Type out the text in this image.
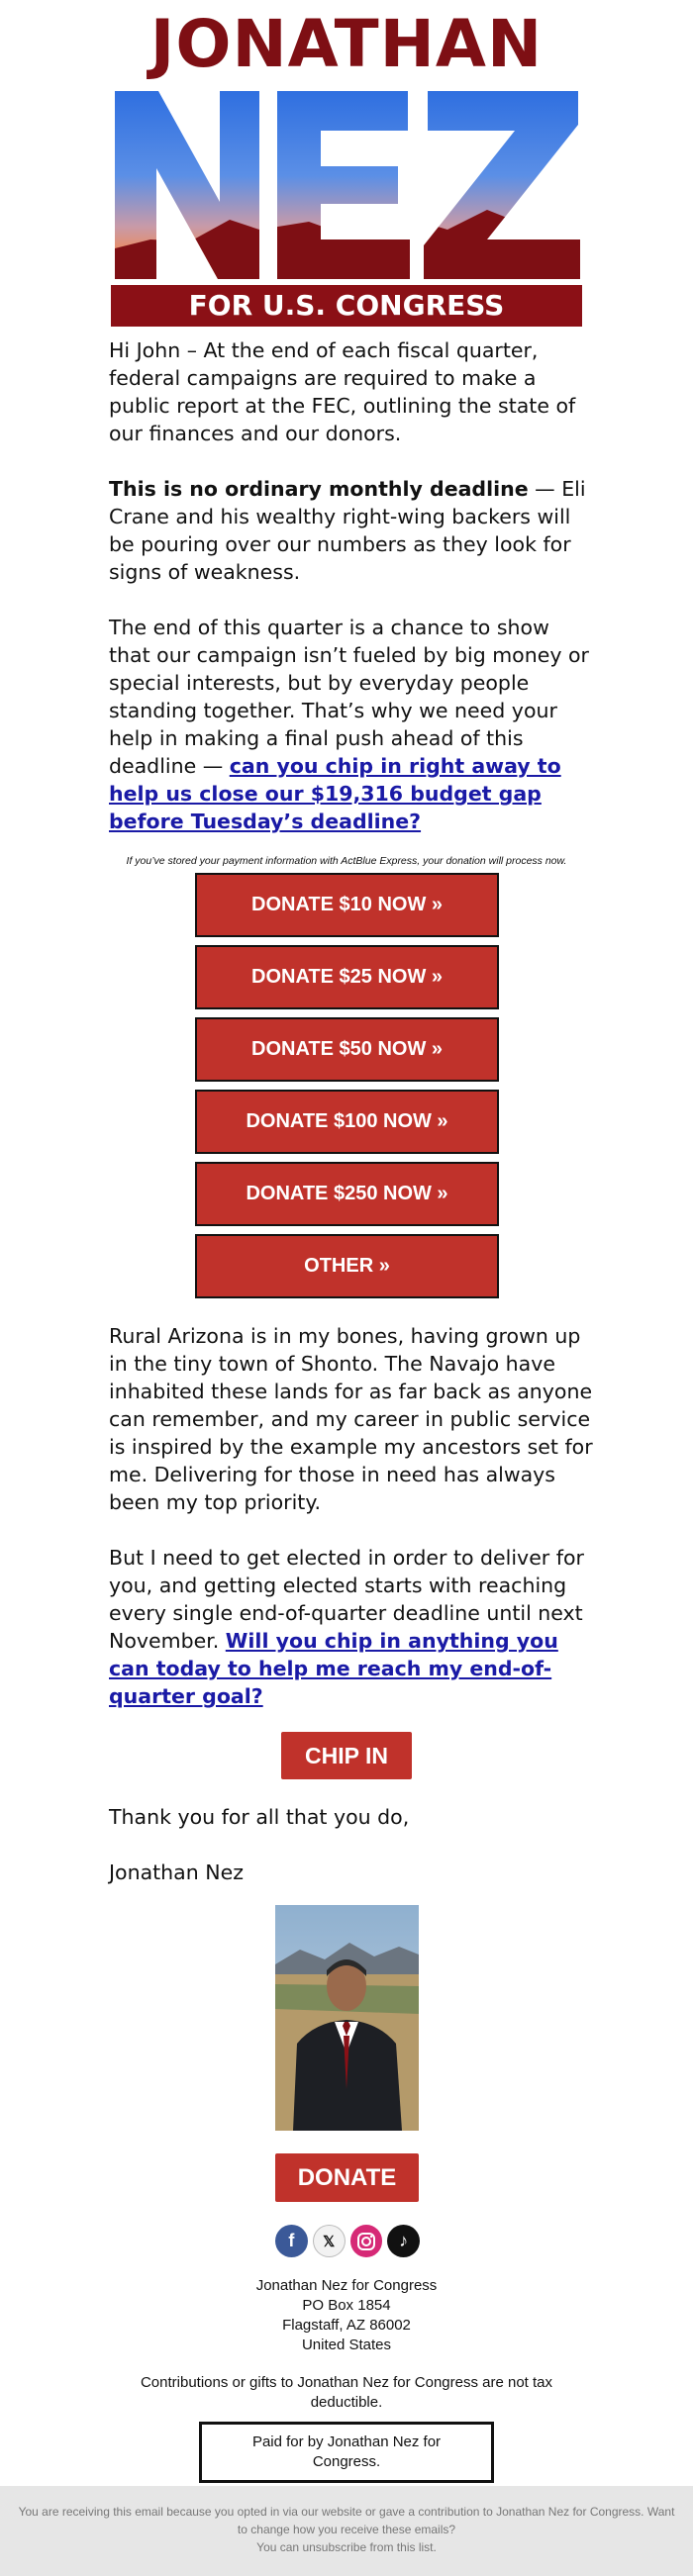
JONATHAN
FOR U.S. CONGRESS

Hi John – At the end of each fiscal quarter, federal campaigns are required to make a public report at the FEC, outlining the state of our finances and our donors.

This is no ordinary monthly deadline — Eli Crane and his wealthy right-wing backers will be pouring over our numbers as they look for signs of weakness.

The end of this quarter is a chance to show that our campaign isn’t fueled by big money or special interests, but by everyday people standing together. That’s why we need your help in making a final push ahead of this deadline — can you chip in right away to help us close our $19,316 budget gap before Tuesday’s deadline?

If you’ve stored your payment information with ActBlue Express, your donation will process now.
DONATE $10 NOW »
DONATE $25 NOW »
DONATE $50 NOW »
DONATE $100 NOW »
DONATE $250 NOW »
OTHER »

Rural Arizona is in my bones, having grown up in the tiny town of Shonto. The Navajo have inhabited these lands for as far back as anyone can remember, and my career in public service is inspired by the example my ancestors set for me. Delivering for those in need has always been my top priority.

But I need to get elected in order to deliver for you, and getting elected starts with reaching every single end-of-quarter deadline until next November. Will you chip in anything you can today to help me reach my end-of-quarter goal?

CHIP IN

Thank you for all that you do,

Jonathan Nez

DONATE
f	𝕏	♪
Jonathan Nez for Congress
PO Box 1854
Flagstaff, AZ 86002
United States
Contributions or gifts to Jonathan Nez for Congress are not tax deductible.
Paid for by Jonathan Nez for Congress.
You are receiving this email because you opted in via our website or gave a contribution to Jonathan Nez for Congress. Want to change how you receive these emails?
You can unsubscribe from this list.
